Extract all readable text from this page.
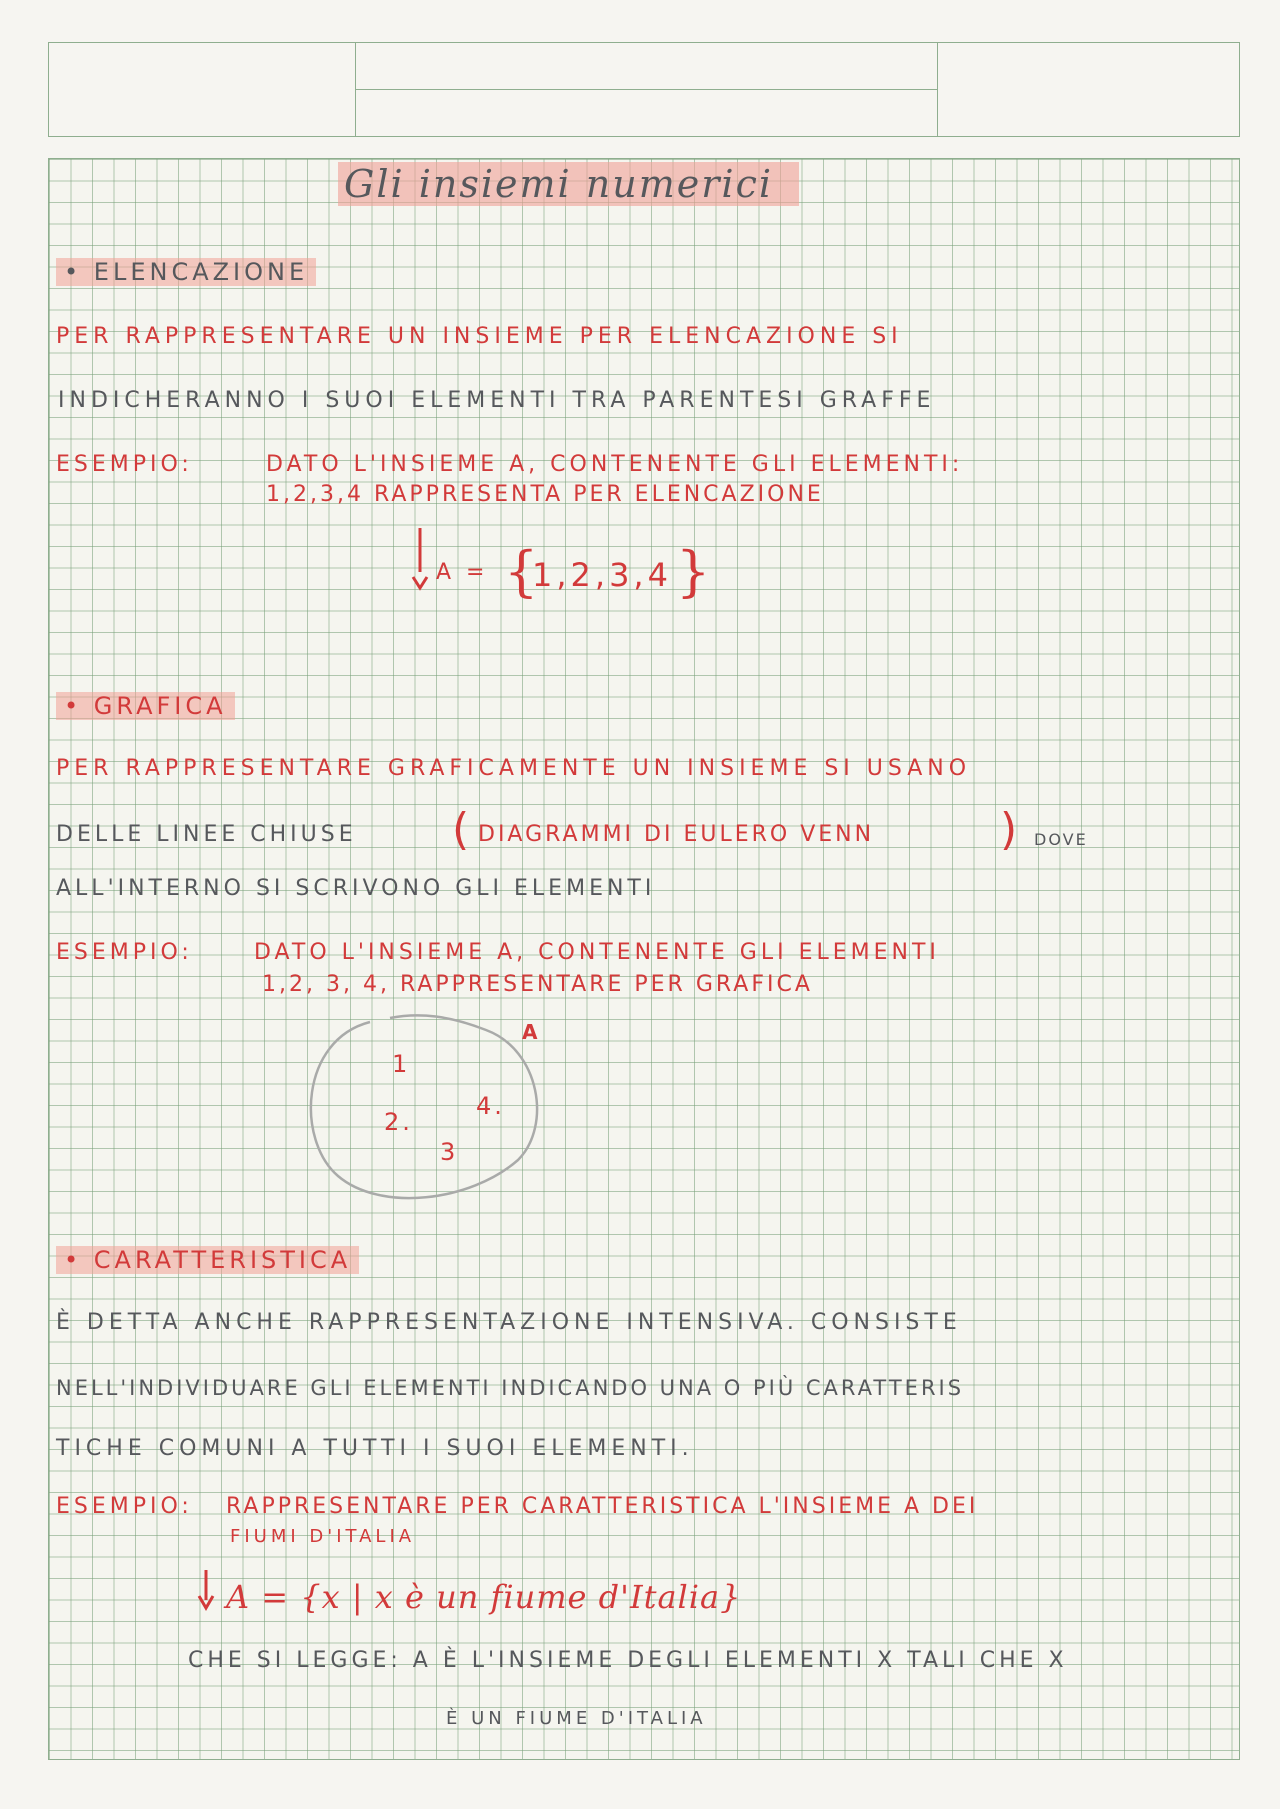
Gli insiemi numerici
• ELENCAZIONE
PER RAPPRESENTARE UN INSIEME PER ELENCAZIONE SI
INDICHERANNO I SUOI ELEMENTI TRA PARENTESI GRAFFE
ESEMPIO:	DATO L'INSIEME A, CONTENENTE GLI ELEMENTI:
1,2,3,4 RAPPRESENTA PER ELENCAZIONE
A = {
1,2,3,4 }
• GRAFICA
PER RAPPRESENTARE GRAFICAMENTE UN INSIEME SI USANO
DELLE LINEE CHIUSE ( DIAGRAMMI DI EULERO VENN	) DOVE
ALL'INTERNO SI SCRIVONO GLI ELEMENTI
ESEMPIO:	DATO L'INSIEME A, CONTENENTE GLI ELEMENTI
1,2, 3, 4, RAPPRESENTARE PER GRAFICA
A
1
2.
3
4.
• CARATTERISTICA
È DETTA ANCHE RAPPRESENTAZIONE INTENSIVA. CONSISTE
NELL'INDIVIDUARE GLI ELEMENTI INDICANDO UNA O PIÙ CARATTERIS
TICHE COMUNI A TUTTI I SUOI ELEMENTI.
ESEMPIO: RAPPRESENTARE PER CARATTERISTICA L'INSIEME A DEI
FIUMI D'ITALIA
A = {x | x è un fiume d'Italia}
CHE SI LEGGE: A È L'INSIEME DEGLI ELEMENTI X TALI CHE X
È UN FIUME D'ITALIA
